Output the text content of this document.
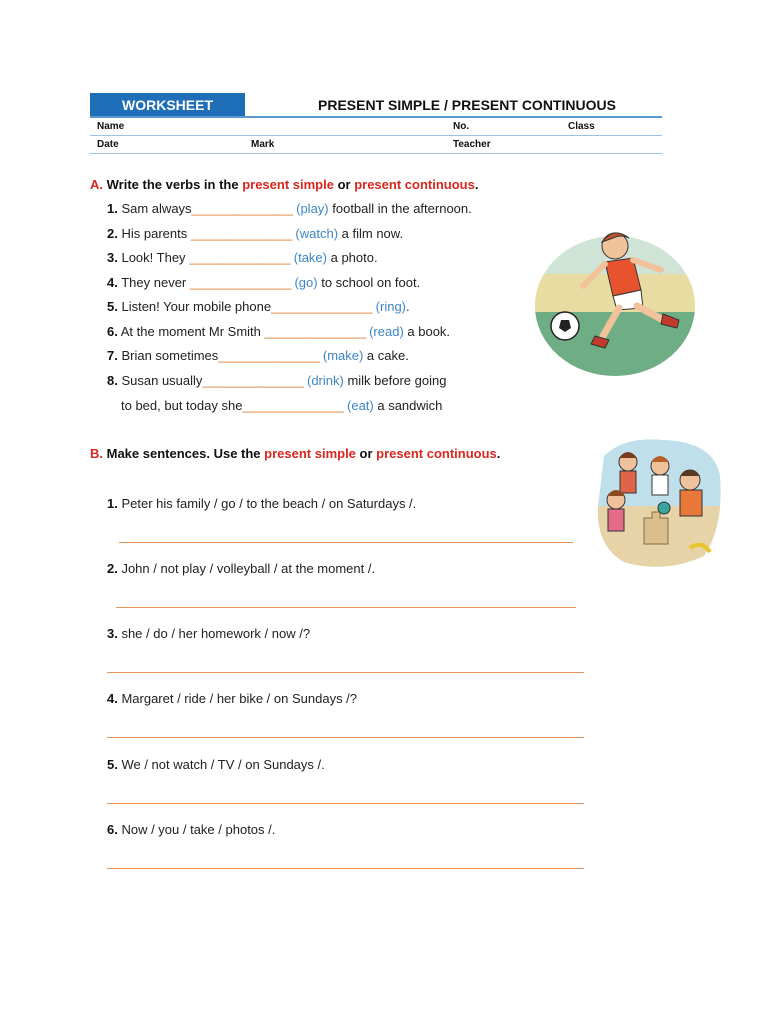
WORKSHEET	PRESENT SIMPLE / PRESENT CONTINUOUS
Name	No.	Class
Date	Mark	Teacher
A. Write the verbs in the present simple or present continuous.
1. Sam always_______________ (play) football in the afternoon.
2. His parents _______________ (watch) a film now.
3. Look! They _______________ (take) a photo.
4. They never _______________ (go) to school on foot.
5. Listen! Your mobile phone_______________ (ring).
6. At the moment Mr Smith _______________ (read) a book.
7. Brian sometimes_______________ (make) a cake.
8. Susan usually_______________ (drink) milk before going
to bed, but today she_______________ (eat) a sandwich
B. Make sentences. Use the present simple or present continuous.
1. Peter his family / go / to the beach / on Saturdays /.
2. John / not play / volleyball / at the moment /.
3. she / do / her homework / now /?
4. Margaret / ride / her bike / on Sundays /?
5. We / not watch / TV / on Sundays /.
6. Now / you / take / photos /.
